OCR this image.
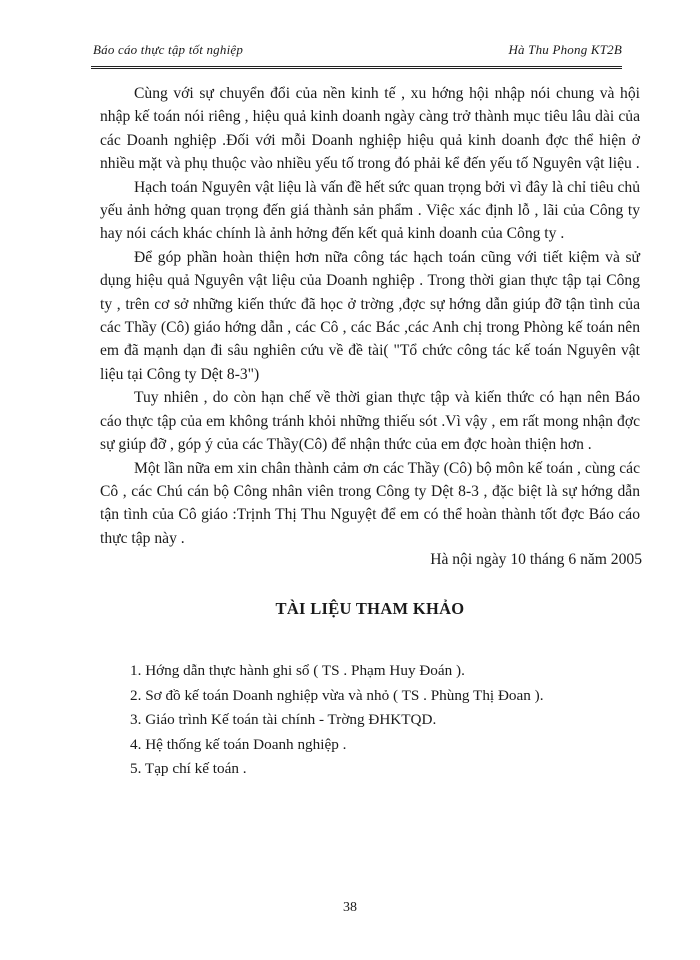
Báo cáo thực tập tốt nghiệp	Hà Thu Phong KT2B

Cùng với sự chuyển đổi của nền kinh tế , xu hớng hội nhập nói chung và hội nhập kế toán nói riêng , hiệu quả kinh doanh ngày càng trở thành mục tiêu lâu dài của các Doanh nghiệp .Đối với mỗi Doanh nghiệp hiệu quả kinh doanh đợc thể hiện ở nhiều mặt và phụ thuộc vào nhiều yếu tố trong đó phải kể đến yếu tố Nguyên vật liệu .

Hạch toán Nguyên vật liệu là vấn đề hết sức quan trọng bởi vì đây là chỉ tiêu chủ yếu ảnh hởng quan trọng đến giá thành sản phẩm . Việc xác định lỗ , lãi của Công ty hay nói cách khác chính là ảnh hởng đến kết quả kinh doanh của Công ty .

Để góp phần hoàn thiện hơn nữa công tác hạch toán cũng với tiết kiệm và sử dụng hiệu quả Nguyên vật liệu của Doanh nghiệp . Trong thời gian thực tập tại Công ty , trên cơ sở những kiến thức đã học ở trờng ,đợc sự hớng dẫn giúp đỡ tận tình của các Thầy (Cô) giáo hớng dẫn , các Cô , các Bác ,các Anh chị trong Phòng kế toán nên em đã mạnh dạn đi sâu nghiên cứu về đề tài( "Tổ chức công tác kế toán Nguyên vật liệu tại Công ty Dệt 8-3")

Tuy nhiên , do còn hạn chế về thời gian thực tập và kiến thức có hạn nên Báo cáo thực tập của em không tránh khỏi những thiếu sót .Vì vậy , em rất mong nhận đợc sự giúp đỡ , góp ý của các Thầy(Cô) để nhận thức của em đợc hoàn thiện hơn .

Một lần nữa em xin chân thành cảm ơn các Thầy (Cô) bộ môn kế toán , cùng các Cô , các Chú cán bộ Công nhân viên trong Công ty Dệt 8-3 , đặc biệt là sự hớng dẫn tận tình của Cô giáo :Trịnh Thị Thu Nguyệt để em có thể hoàn thành tốt đợc Báo cáo thực tập này .

Hà nội ngày 10 tháng 6 năm 2005
TÀI LIỆU THAM KHẢO
1. Hớng dẫn thực hành ghi sổ ( TS . Phạm Huy Đoán ).
2. Sơ đồ kế toán Doanh nghiệp vừa và nhỏ ( TS . Phùng Thị Đoan ).
3. Giáo trình Kế toán tài chính - Trờng ĐHKTQD.
4. Hệ thống kế toán Doanh nghiệp .
5. Tạp chí kế toán .
38
